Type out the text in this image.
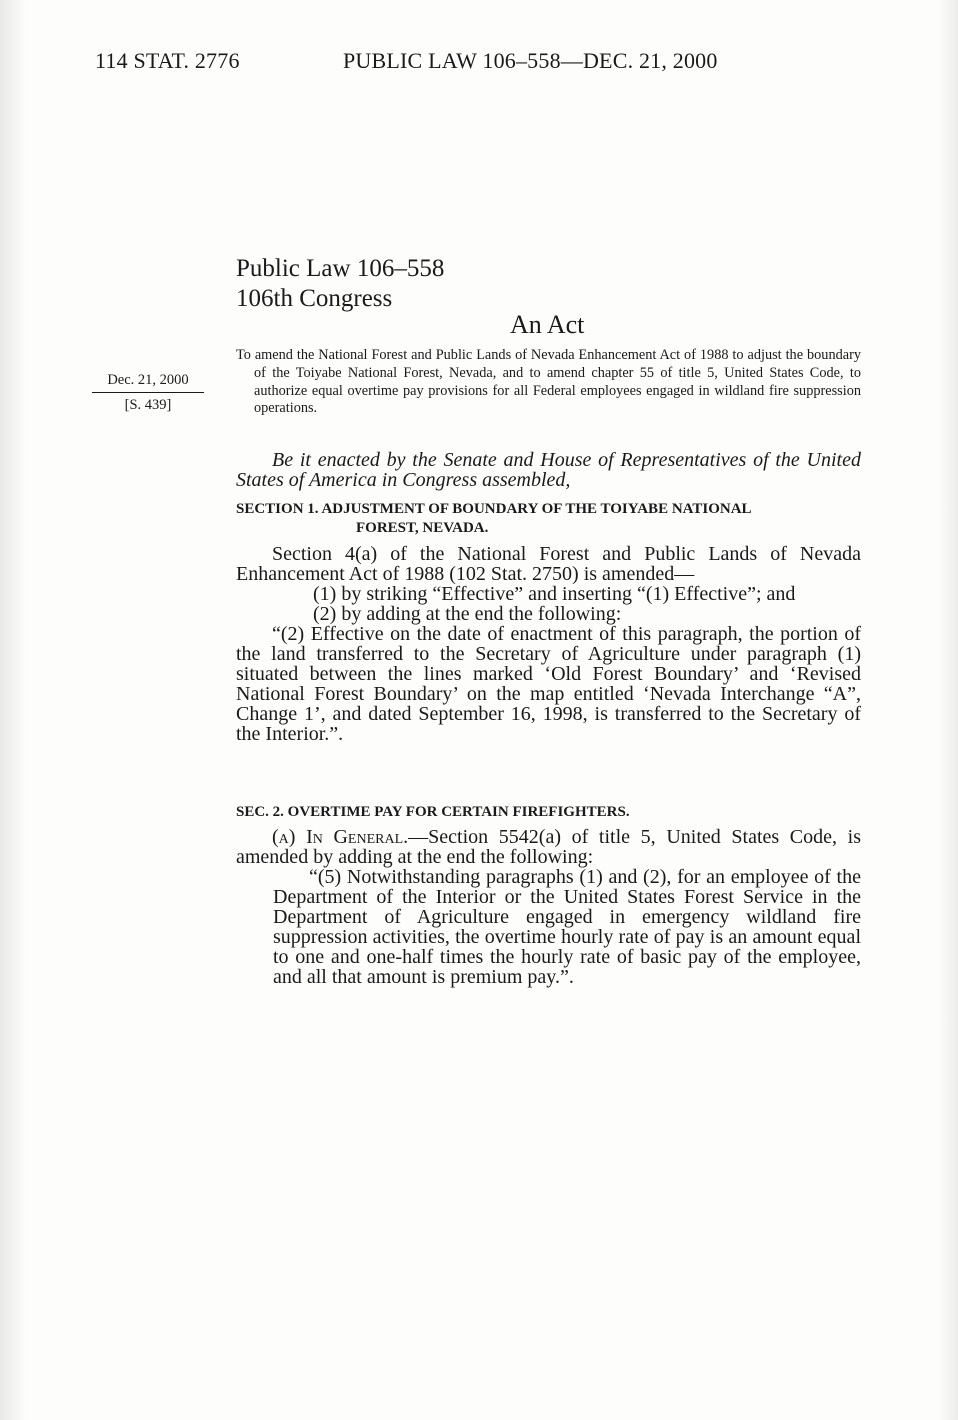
114 STAT. 2776	PUBLIC LAW 106–558—DEC. 21, 2000
Public Law 106–558
106th Congress
An Act
Dec. 21, 2000
[S. 439]

To amend the National Forest and Public Lands of Nevada Enhancement Act of 1988 to adjust the boundary of the Toiyabe National Forest, Nevada, and to amend chapter 55 of title 5, United States Code, to authorize equal overtime pay provisions for all Federal employees engaged in wildland fire suppression operations.

Be it enacted by the Senate and House of Representatives of the United States of America in Congress assembled,

SECTION 1. ADJUSTMENT OF BOUNDARY OF THE TOIYABE NATIONAL
FOREST, NEVADA.

Section 4(a) of the National Forest and Public Lands of Nevada Enhancement Act of 1988 (102 Stat. 2750) is amended—

(1) by striking “Effective” and inserting “(1) Effective”; and

(2) by adding at the end the following:

“(2) Effective on the date of enactment of this paragraph, the portion of the land transferred to the Secretary of Agriculture under paragraph (1) situated between the lines marked ‘Old Forest Boundary’ and ‘Revised National Forest Boundary’ on the map entitled ‘Nevada Interchange “A”, Change 1’, and dated September 16, 1998, is transferred to the Secretary of the Interior.”.

SEC. 2. OVERTIME PAY FOR CERTAIN FIREFIGHTERS.

(a) In General.—Section 5542(a) of title 5, United States Code, is amended by adding at the end the following:

“(5) Notwithstanding paragraphs (1) and (2), for an employee of the Department of the Interior or the United States Forest Service in the Department of Agriculture engaged in emergency wildland fire suppression activities, the overtime hourly rate of pay is an amount equal to one and one-half times the hourly rate of basic pay of the employee, and all that amount is premium pay.”.
